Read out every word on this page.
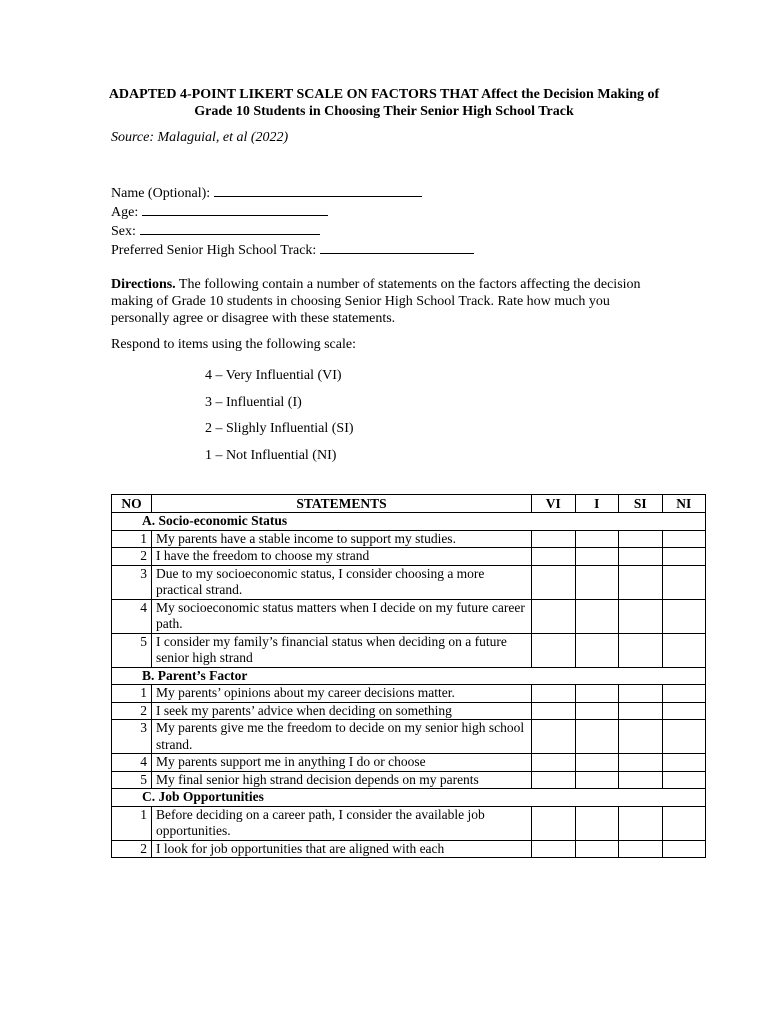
ADAPTED 4-POINT LIKERT SCALE ON FACTORS THAT Affect the Decision Making of Grade 10 Students in Choosing Their Senior High School Track
Source: Malaguial, et al (2022)
Name (Optional):
Age:
Sex:
Preferred Senior High School Track:
Directions. The following contain a number of statements on the factors affecting the decision making of Grade 10 students in choosing Senior High School Track. Rate how much you personally agree or disagree with these statements.
Respond to items using the following scale:
4 – Very Influential (VI)
3 – Influential (I)
2 – Slighly Influential (SI)
1 – Not Influential (NI)
NO	STATEMENTS	VI	I	SI	NI
A. Socio-economic Status					
1	My parents have a stable income to support my studies.				
2	I have the freedom to choose my strand				
3	Due to my socioeconomic status, I consider choosing a more practical strand.				
4	My socioeconomic status matters when I decide on my future career path.				
5	I consider my family’s financial status when deciding on a future senior high strand				
B. Parent’s Factor					
1	My parents’ opinions about my career decisions matter.				
2	I seek my parents’ advice when deciding on something				
3	My parents give me the freedom to decide on my senior high school strand.				
4	My parents support me in anything I do or choose				
5	My final senior high strand decision depends on my parents				
C. Job Opportunities					
1	Before deciding on a career path, I consider the available job opportunities.				
2	I look for job opportunities that are aligned with each				
